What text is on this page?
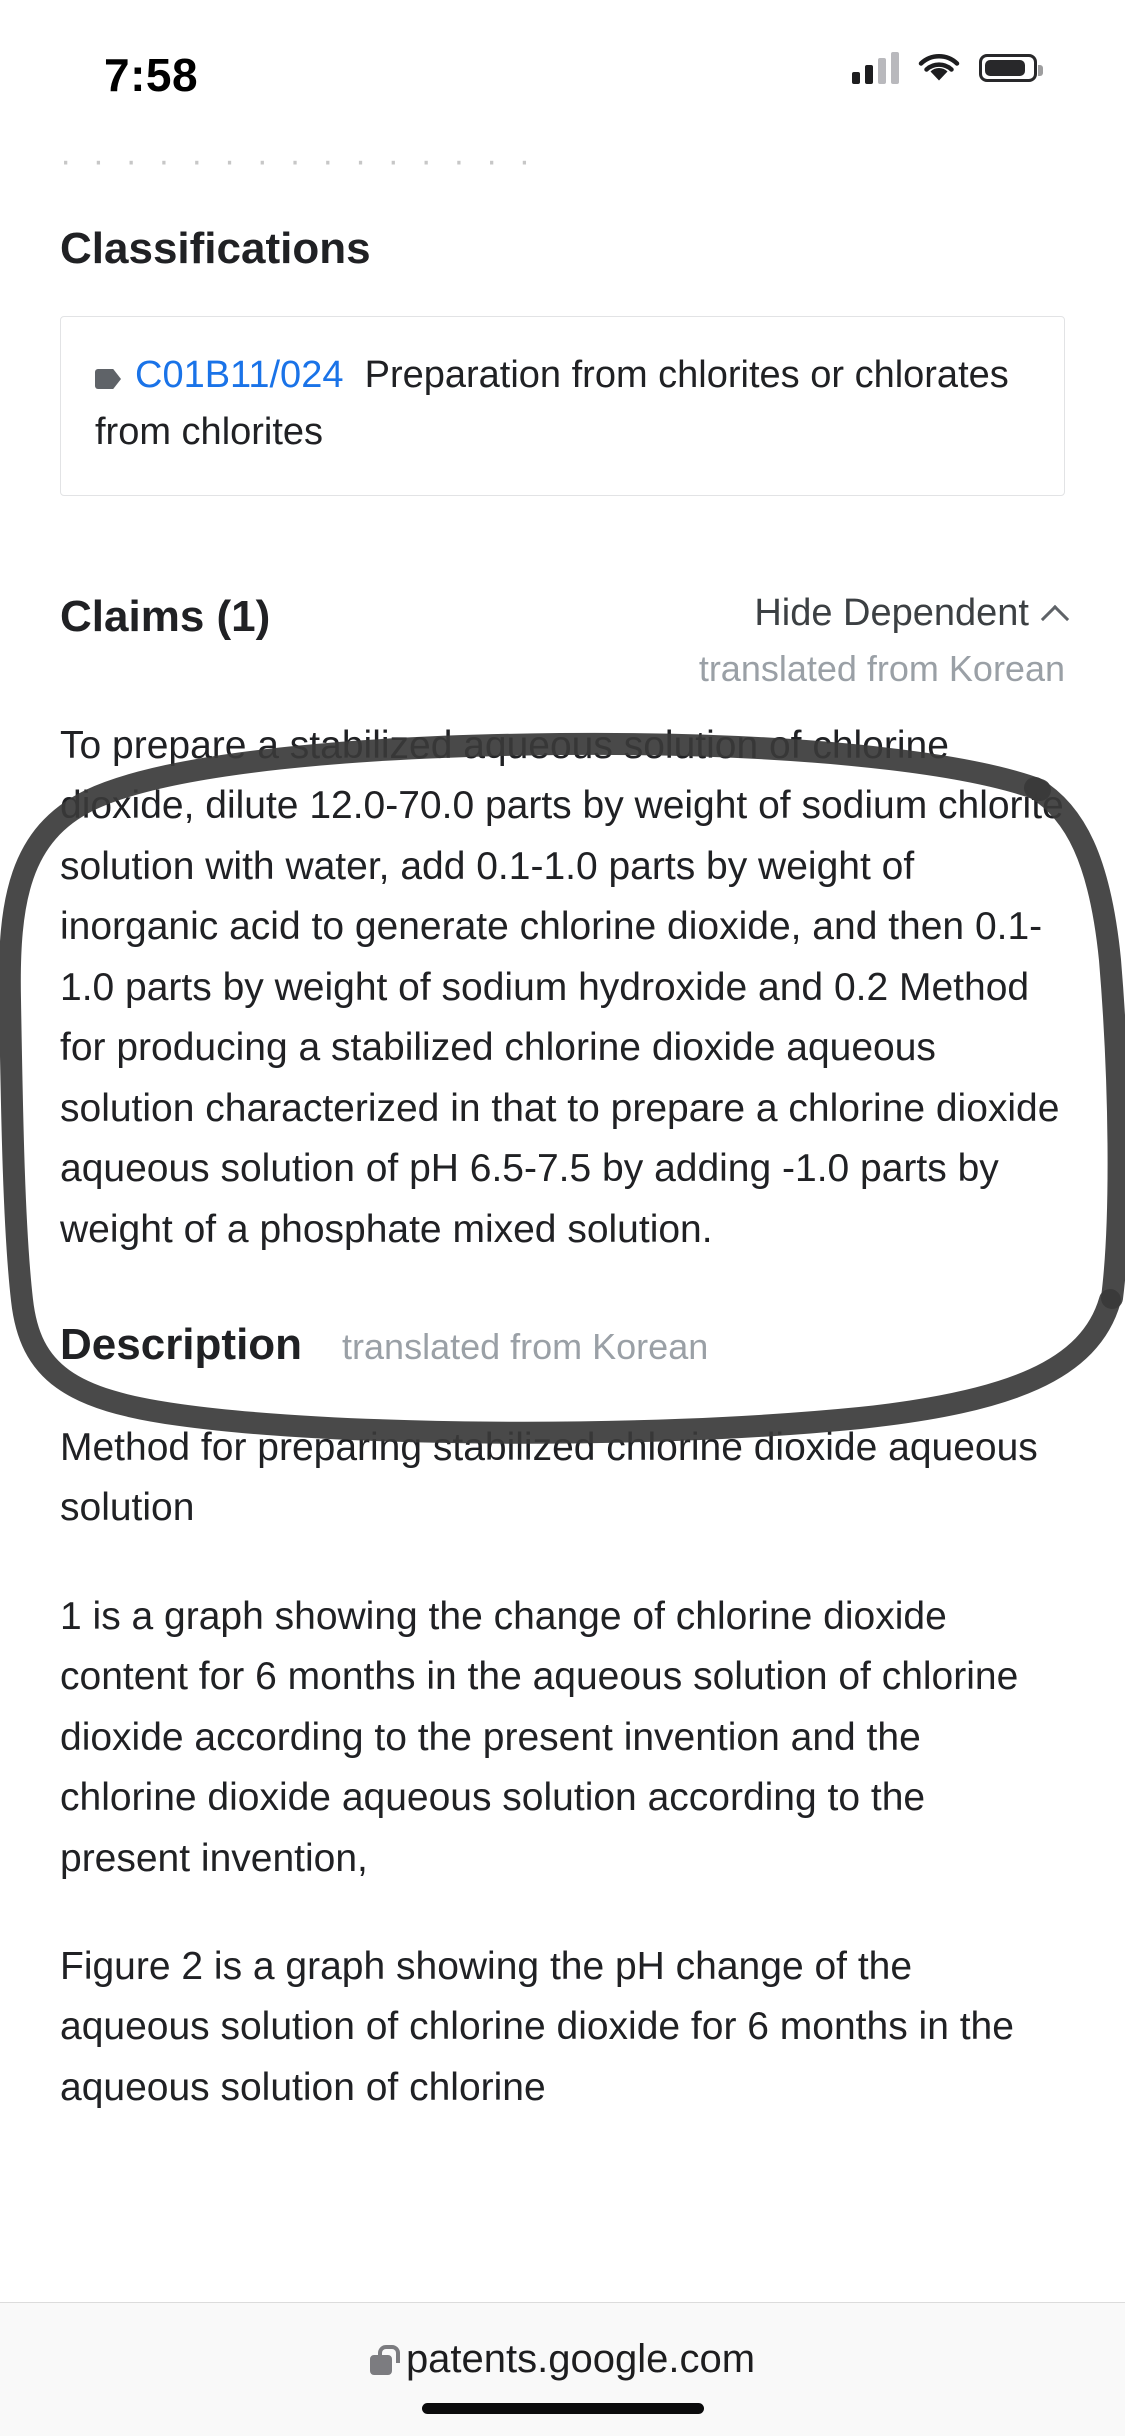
7:58
· · · · · · · · · · · · · · ·
Classifications
C01B11/024 Preparation from chlorites or chlorates from chlorites
Claims (1)	Hide Dependent
translated from Korean
To prepare a stabilized aqueous solution of chlorine dioxide, dilute 12.0-70.0 parts by weight of sodium chlorite solution with water, add 0.1-1.0 parts by weight of inorganic acid to generate chlorine dioxide, and then 0.1-1.0 parts by weight of sodium hydroxide and 0.2 Method for producing a stabilized chlorine dioxide aqueous solution characterized in that to prepare a chlorine dioxide aqueous solution of pH 6.5-7.5 by adding -1.0 parts by weight of a phosphate mixed solution.
Description translated from Korean
Method for preparing stabilized chlorine dioxide aqueous solution
1 is a graph showing the change of chlorine dioxide content for 6 months in the aqueous solution of chlorine dioxide according to the present invention and the chlorine dioxide aqueous solution according to the present invention,
Figure 2 is a graph showing the pH change of the aqueous solution of chlorine dioxide for 6 months in the aqueous solution of chlorine
patents.google.com
